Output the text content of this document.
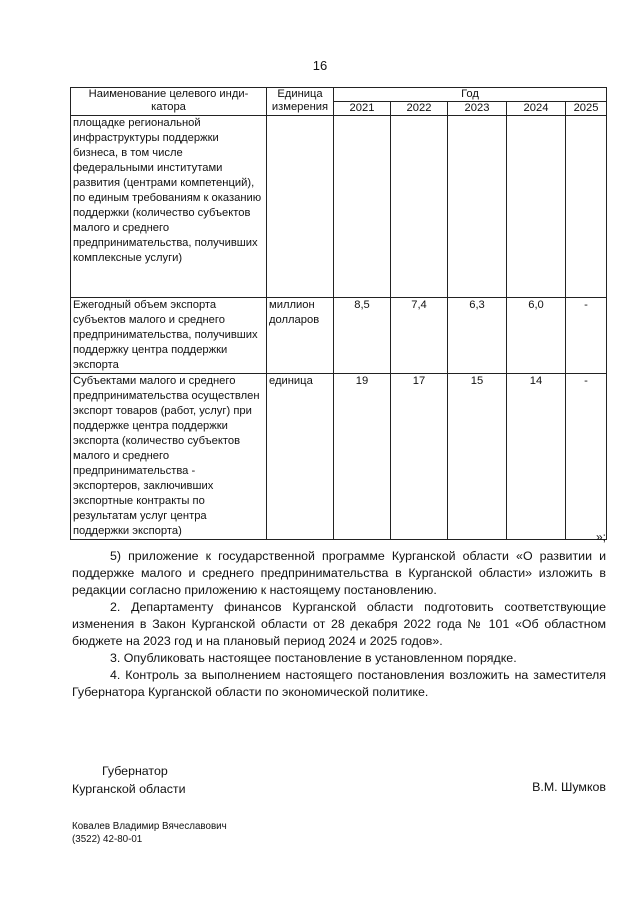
16
Наименование целевого инди-катора	Единица измерения	Год				
		2021	2022	2023	2024	2025
площадке региональной инфраструктуры поддержки бизнеса, в том числе федеральными институтами развития (центрами компетенций), по единым требованиям к оказанию поддержки (количество субъектов малого и среднего предпринимательства, получивших комплексные услуги)						
Ежегодный объем экспорта субъектов малого и среднего предпринимательства, получивших поддержку центра поддержки экспорта	миллион долларов	8,5	7,4	6,3	6,0	-
Субъектами малого и среднего предпринимательства осуществлен экспорт товаров (работ, услуг) при поддержке центра поддержки экспорта (количество субъектов малого и среднего предпринимательства - экспортеров, заключивших экспортные контракты по результатам услуг центра поддержки экспорта)	единица	19	17	15	14	-
»;

5) приложение к государственной программе Курганской области «О развитии и поддержке малого и среднего предпринимательства в Курганской области» изложить в редакции согласно приложению к настоящему постановлению.

2. Департаменту финансов Курганской области подготовить соответствующие изменения в Закон Курганской области от 28 декабря 2022 года № 101 «Об областном бюджете на 2023 год и на плановый период 2024 и 2025 годов».

3. Опубликовать настоящее постановление в установленном порядке.

4. Контроль за выполнением настоящего постановления возложить на заместителя Губернатора Курганской области по экономической политике.

Губернатор
Курганской области	В.М. Шумков
Ковалев Владимир Вячеславович
(3522) 42-80-01
